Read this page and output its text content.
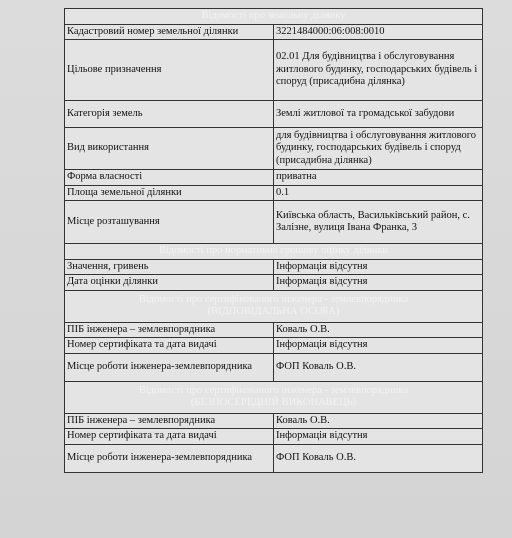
Відомості про земельну ділянку	
Кадастровий номер земельної ділянки	3221484000:06:008:0010
Цільове призначення	02.01 Для будівництва і обслуговування житлового будинку, господарських будівель і споруд (присадибна ділянка)
Категорія земель	Землі житлової та громадської забудови
Вид використання	для будівництва і обслуговування житлового будинку, господарських будівель і споруд (присадибна ділянка)
Форма власності	приватна
Площа земельної ділянки	0.1
Місце розташування	Київська область, Васильківський район, с. Залізне, вулиця Івана Франка, 3
Відомості про нормативно грошову оцінку ділянки	
Значення, гривень	Інформація відсутня
Дата оцінки ділянки	Інформація відсутня
Відомості про сертифікованого інженера - землевпорядника (ВІДПОВІДАЛЬНА ОСОБА)	
ПІБ інженера – землевпорядника	Коваль О.В.
Номер сертифіката та дата видачі	Інформація відсутня
Місце роботи інженера-землевпорядника	ФОП Коваль О.В.
Відомості про сертифікованого інженера - землевпорядника (БЕЗПОСЕРЕДНІЙ ВИКОНАВЕЦЬ)	
ПІБ інженера – землевпорядника	Коваль О.В.
Номер сертифіката та дата видачі	Інформація відсутня
Місце роботи інженера-землевпорядника	ФОП Коваль О.В.
